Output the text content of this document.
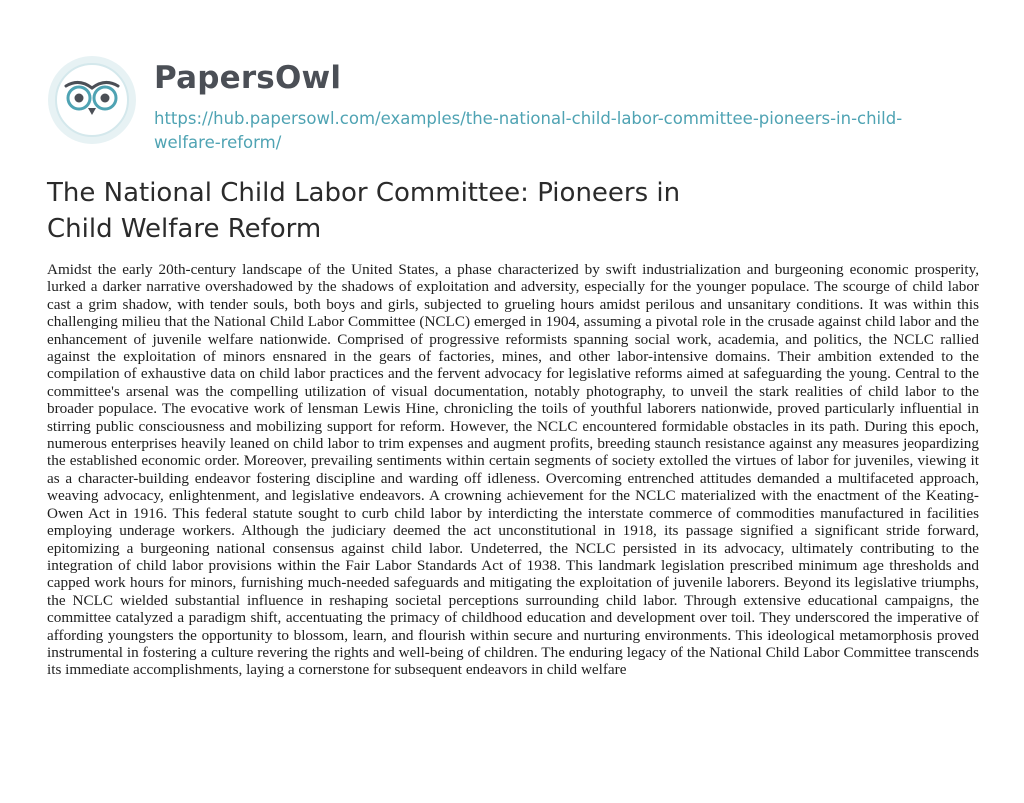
PapersOwl
https://hub.papersowl.com/examples/the-national-child-labor-committee-pioneers-in-child-welfare-reform/
The National Child Labor Committee: Pioneers in Child Welfare Reform

Amidst the early 20th-century landscape of the United States, a phase characterized by swift industrialization and burgeoning economic prosperity, lurked a darker narrative overshadowed by the shadows of exploitation and adversity, especially for the younger populace. The scourge of child labor cast a grim shadow, with tender souls, both boys and girls, subjected to grueling hours amidst perilous and unsanitary conditions. It was within this challenging milieu that the National Child Labor Committee (NCLC) emerged in 1904, assuming a pivotal role in the crusade against child labor and the enhancement of juvenile welfare nationwide. Comprised of progressive reformists spanning social work, academia, and politics, the NCLC rallied against the exploitation of minors ensnared in the gears of factories, mines, and other labor-intensive domains. Their ambition extended to the compilation of exhaustive data on child labor practices and the fervent advocacy for legislative reforms aimed at safeguarding the young. Central to the committee's arsenal was the compelling utilization of visual documentation, notably photography, to unveil the stark realities of child labor to the broader populace. The evocative work of lensman Lewis Hine, chronicling the toils of youthful laborers nationwide, proved particularly influential in stirring public consciousness and mobilizing support for reform. However, the NCLC encountered formidable obstacles in its path. During this epoch, numerous enterprises heavily leaned on child labor to trim expenses and augment profits, breeding staunch resistance against any measures jeopardizing the established economic order. Moreover, prevailing sentiments within certain segments of society extolled the virtues of labor for juveniles, viewing it as a character-building endeavor fostering discipline and warding off idleness. Overcoming entrenched attitudes demanded a multifaceted approach, weaving advocacy, enlightenment, and legislative endeavors. A crowning achievement for the NCLC materialized with the enactment of the Keating-Owen Act in 1916. This federal statute sought to curb child labor by interdicting the interstate commerce of commodities manufactured in facilities employing underage workers. Although the judiciary deemed the act unconstitutional in 1918, its passage signified a significant stride forward, epitomizing a burgeoning national consensus against child labor. Undeterred, the NCLC persisted in its advocacy, ultimately contributing to the integration of child labor provisions within the Fair Labor Standards Act of 1938. This landmark legislation prescribed minimum age thresholds and capped work hours for minors, furnishing much-needed safeguards and mitigating the exploitation of juvenile laborers. Beyond its legislative triumphs, the NCLC wielded substantial influence in reshaping societal perceptions surrounding child labor. Through extensive educational campaigns, the committee catalyzed a paradigm shift, accentuating the primacy of childhood education and development over toil. They underscored the imperative of affording youngsters the opportunity to blossom, learn, and flourish within secure and nurturing environments. This ideological metamorphosis proved instrumental in fostering a culture revering the rights and well-being of children. The enduring legacy of the National Child Labor Committee transcends its immediate accomplishments, laying a cornerstone for subsequent endeavors in child welfare
